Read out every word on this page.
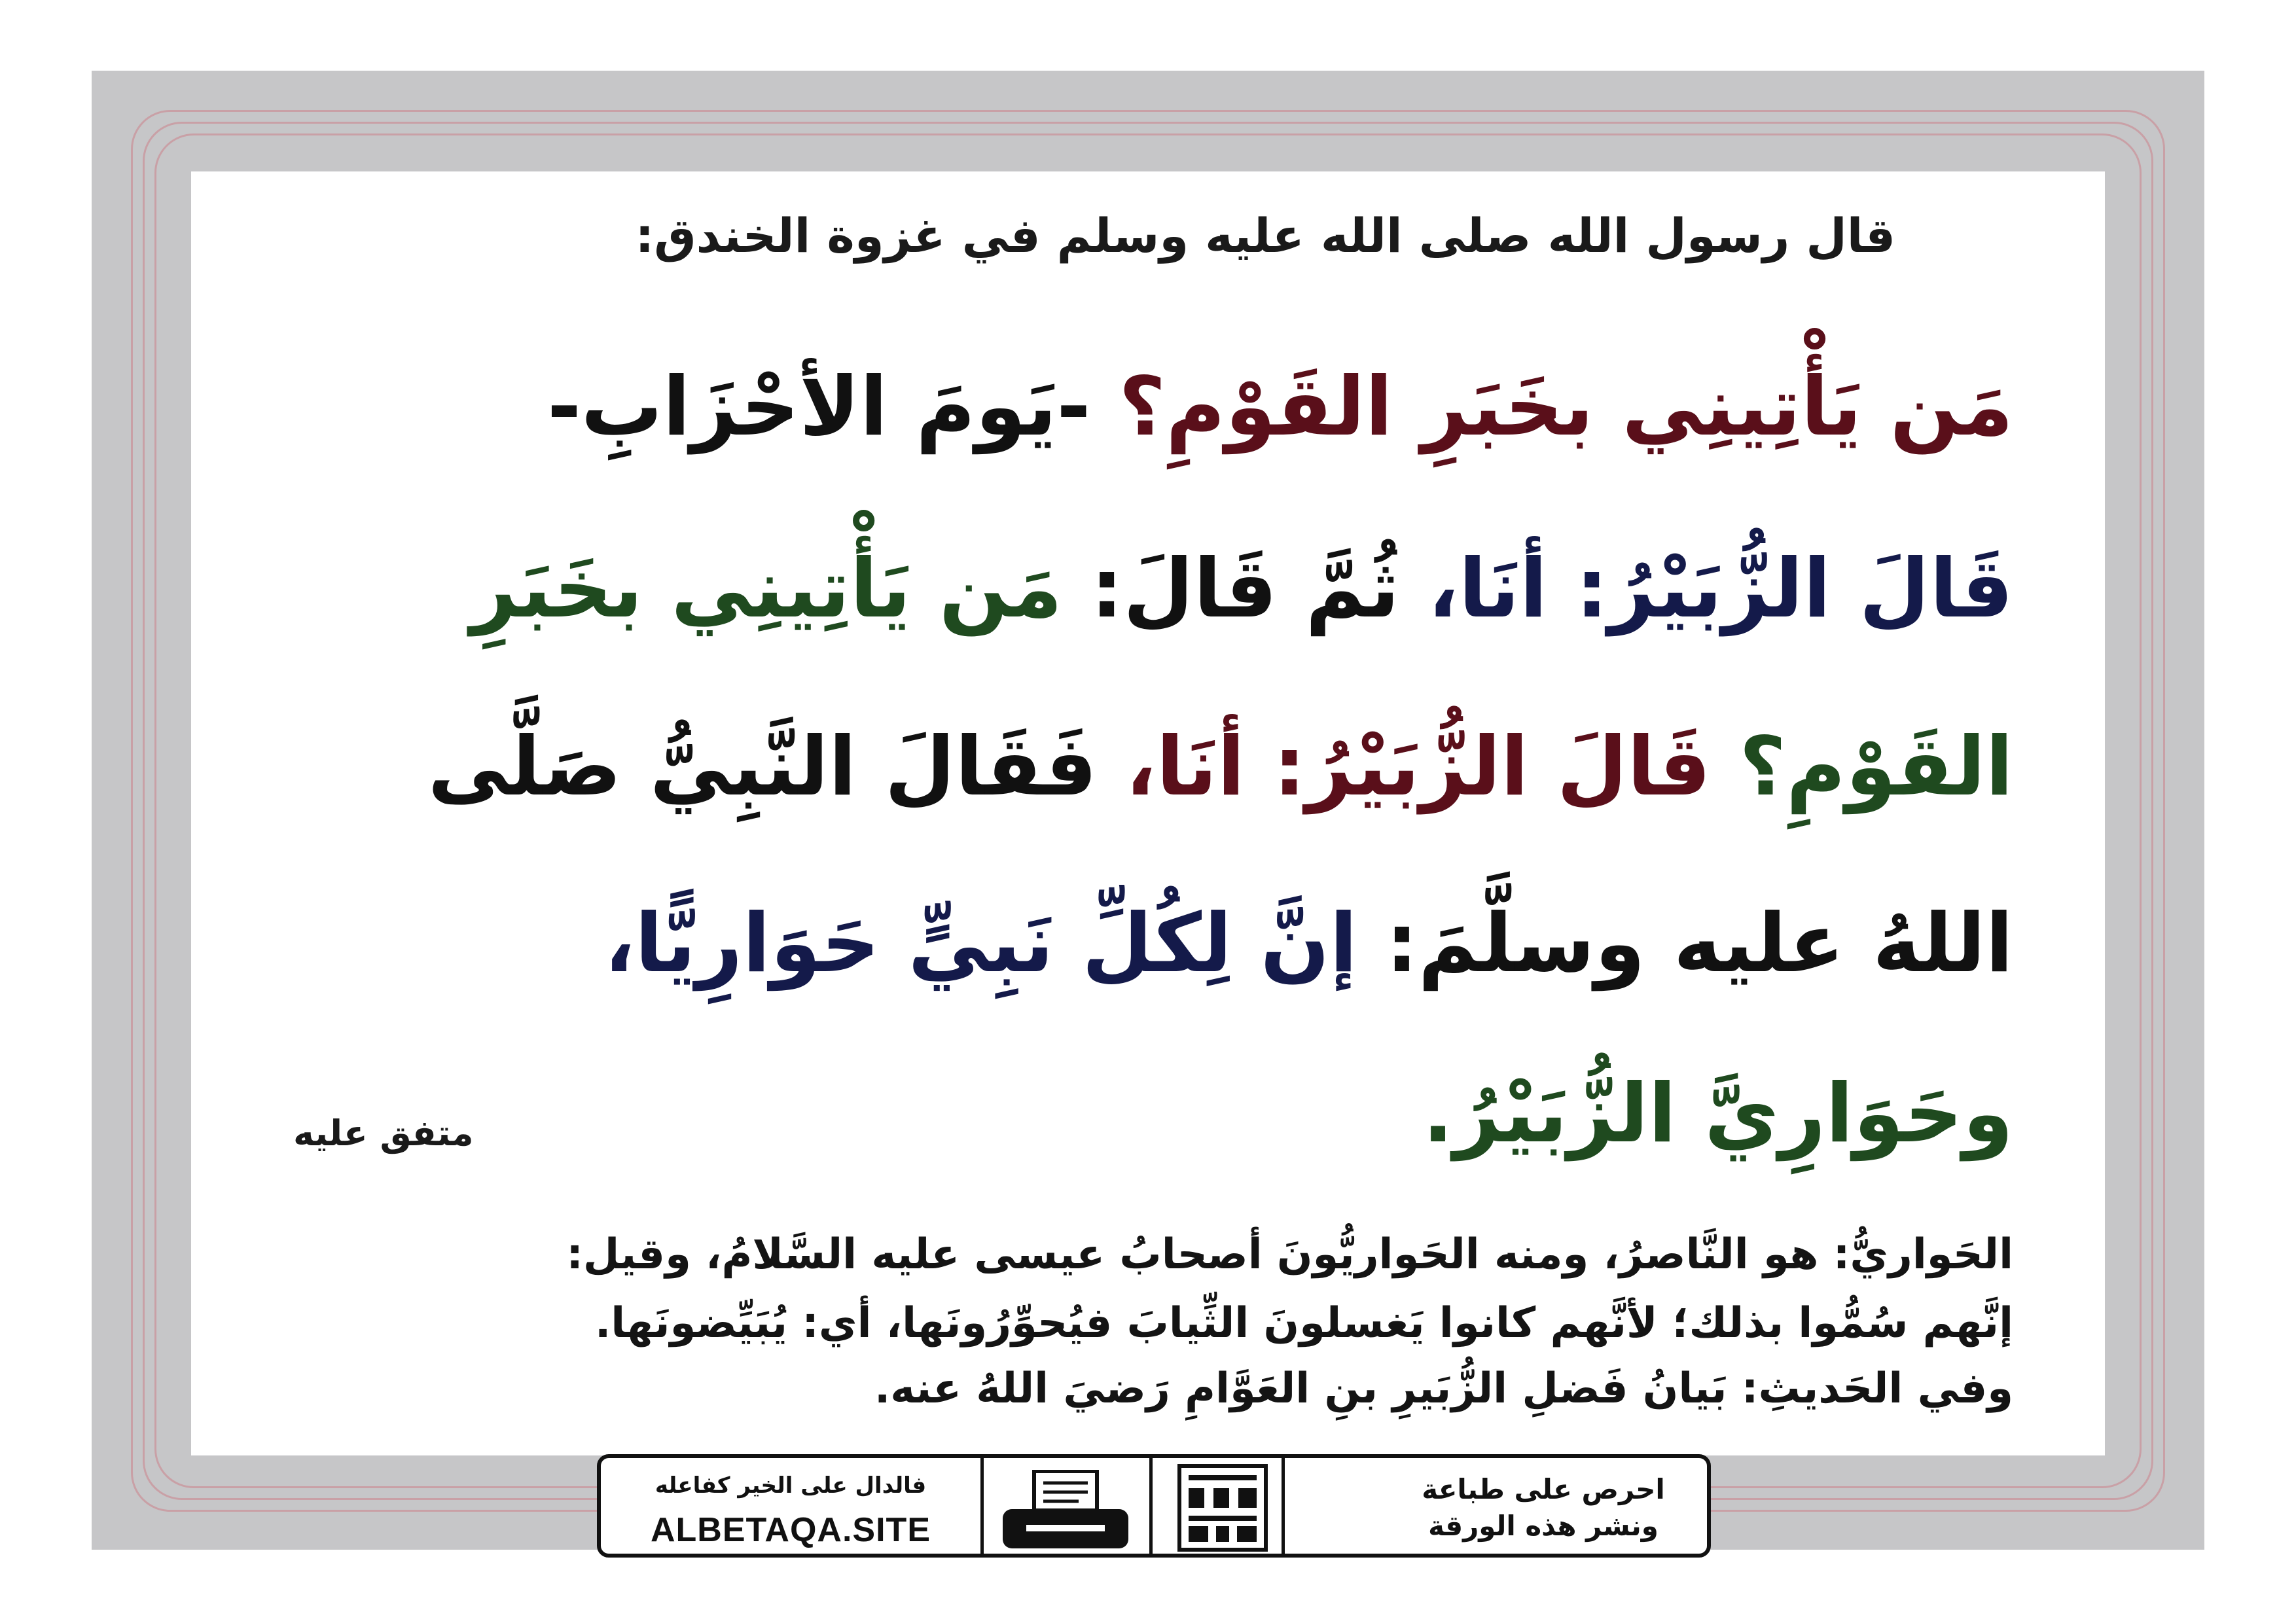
قال رسول الله صلى الله عليه وسلم في غزوة الخندق:

مَن يَأْتِينِي بخَبَرِ القَوْمِ؟ -يَومَ الأحْزَابِ-

قَالَ الزُّبَيْرُ: أنَا، ثُمَّ قَالَ: مَن يَأْتِينِي بخَبَرِ

القَوْمِ؟ قَالَ الزُّبَيْرُ: أنَا، فَقَالَ النَّبِيُّ صَلَّى

اللهُ عليه وسلَّمَ: إنَّ لِكُلِّ نَبِيٍّ حَوَارِيًّا،

وحَوَارِيَّ الزُّبَيْرُ.

متفق عليه

الحَواريُّ: هو النَّاصرُ، ومنه الحَواريُّونَ أصحابُ عيسى عليه السَّلامُ، وقيل:

إنَّهم سُمُّوا بذلك؛ لأنَّهم كانوا يَغسلونَ الثِّيابَ فيُحوِّرُونَها، أي: يُبَيِّضونَها.

وفي الحَديثِ: بَيانُ فَضلِ الزُّبَيرِ بنِ العَوَّامِ رَضيَ اللهُ عنه.

فالدال على الخير كفاعله
ALBETAQA.SITE
احرص على طباعة
ونشر هذه الورقة
